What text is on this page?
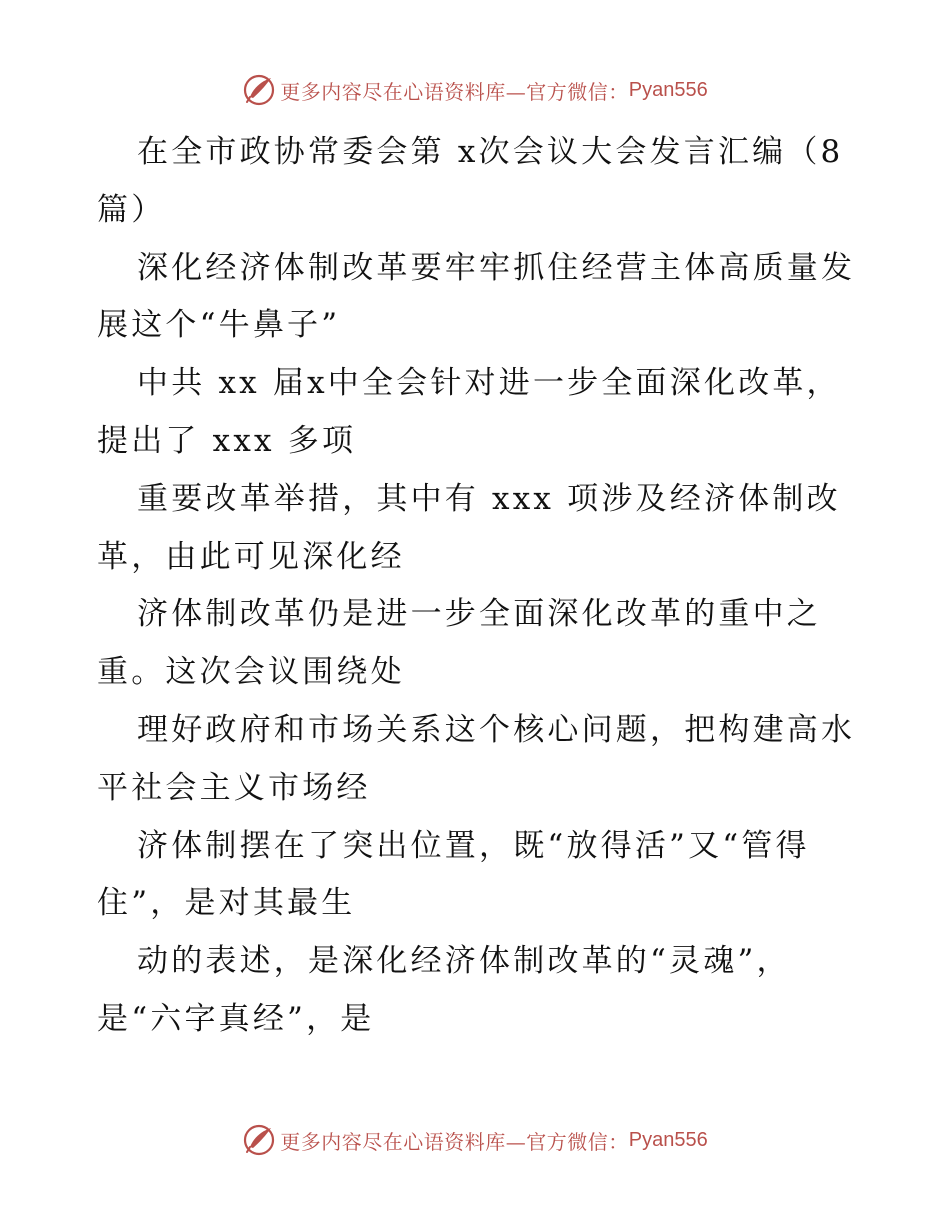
更多内容尽在心语资料库—官方微信： Pyan556

在全市政协常委会第 x次会议大会发言汇编（8篇）

深化经济体制改革要牢牢抓住经营主体高质量发展这个“牛鼻子”

中共 xx 届x中全会针对进一步全面深化改革，提出了 xxx 多项

重要改革举措，其中有 xxx 项涉及经济体制改革，由此可见深化经

济体制改革仍是进一步全面深化改革的重中之重。这次会议围绕处

理好政府和市场关系这个核心问题，把构建高水平社会主义市场经

济体制摆在了突出位置，既“放得活”又“管得住”，是对其最生

动的表述，是深化经济体制改革的“灵魂”，是“六字真经”，是

更多内容尽在心语资料库—官方微信： Pyan556
